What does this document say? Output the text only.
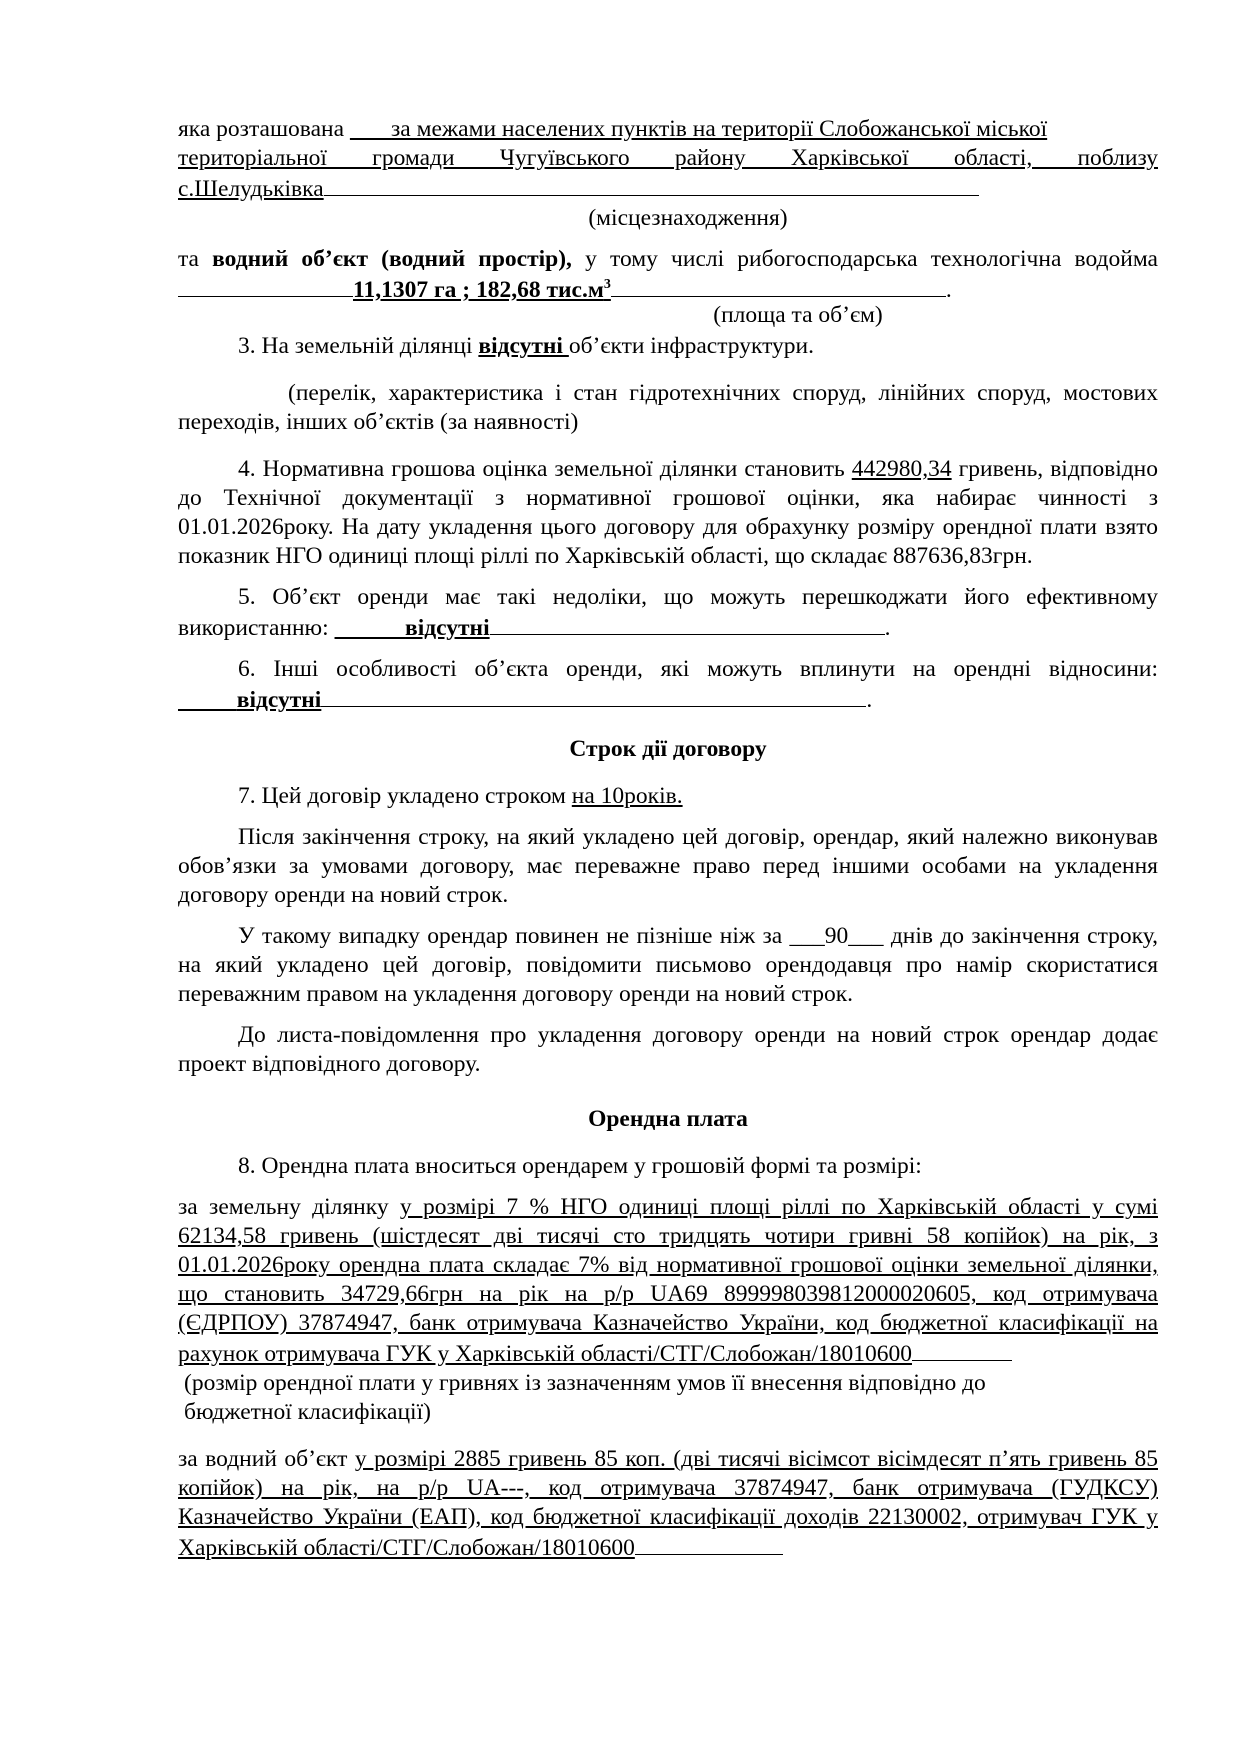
яка розташована за межами населених пунктів на території Слобожанської міської

територіальної громади Чугуївського району Харківської області, поблизу

с.Шелудьківка

(місцезнаходження)

та водний об’єкт (водний простір), у тому числі рибогосподарська технологічна водойма

11,1307 га ; 182,68 $тис.м^3$	.

(площа та об’єм)

3. На земельній ділянці відсутні об’єкти інфраструктури.

(перелік, характеристика і стан гідротехнічних споруд, лінійних споруд, мостових переходів, інших об’єктів (за наявності)

4. Нормативна грошова оцінка земельної ділянки становить 442980,34 гривень, відповідно до Технічної документації з нормативної грошової оцінки, яка набирає чинності з 01.01.2026року. На дату укладення цього договору для обрахунку розміру орендної плати взято показник НГО одиниці площі ріллі по Харківській області, що складає 887636,83грн.

5. Об’єкт оренди має такі недоліки, що можуть перешкоджати його ефективному використанню:	відсутні	.

6. Інші особливості об’єкта оренди, які можуть вплинути на орендні відносини:           відсутні	.

Строк дії договору

7. Цей договір укладено строком на 10років.

Після закінчення строку, на який укладено цей договір, орендар, який належно виконував обов’язки за умовами договору, має переважне право перед іншими особами на укладення договору оренди на новий строк.

У такому випадку орендар повинен не пізніше ніж за ___90___ днів до закінчення строку, на який укладено цей договір, повідомити письмово орендодавця про намір скористатися переважним правом на укладення договору оренди на новий строк.

До листа-повідомлення про укладення договору оренди на новий строк орендар додає проект відповідного договору.

Орендна плата

8. Орендна плата вноситься орендарем у грошовій формі та розмірі:

за земельну ділянку у розмірі 7 % НГО одиниці площі ріллі по Харківській області у сумі 62134,58 гривень (шістдесят дві тисячі сто тридцять чотири гривні 58 копійок) на рік, з 01.01.2026року орендна плата складає 7% від нормативної грошової оцінки земельної ділянки, що становить 34729,66грн на рік на р/р UA69 899998039812000020605, код отримувача (ЄДРПОУ) 37874947, банк отримувача Казначейство України, код бюджетної класифікації на рахунок отримувача ГУК у Харківській області/СТГ/Слобожан/18010600

(розмір орендної плати у гривнях із зазначенням умов її внесення відповідно до бюджетної класифікації)

за водний об’єкт у розмірі 2885 гривень 85 коп. (дві тисячі вісімсот вісімдесят п’ять гривень 85 копійок) на рік, на р/р UA---, код отримувача 37874947, банк отримувача (ГУДКСУ) Казначейство України (ЕАП), код бюджетної класифікації доходів 22130002, отримувач ГУК у Харківській області/СТГ/Слобожан/18010600
